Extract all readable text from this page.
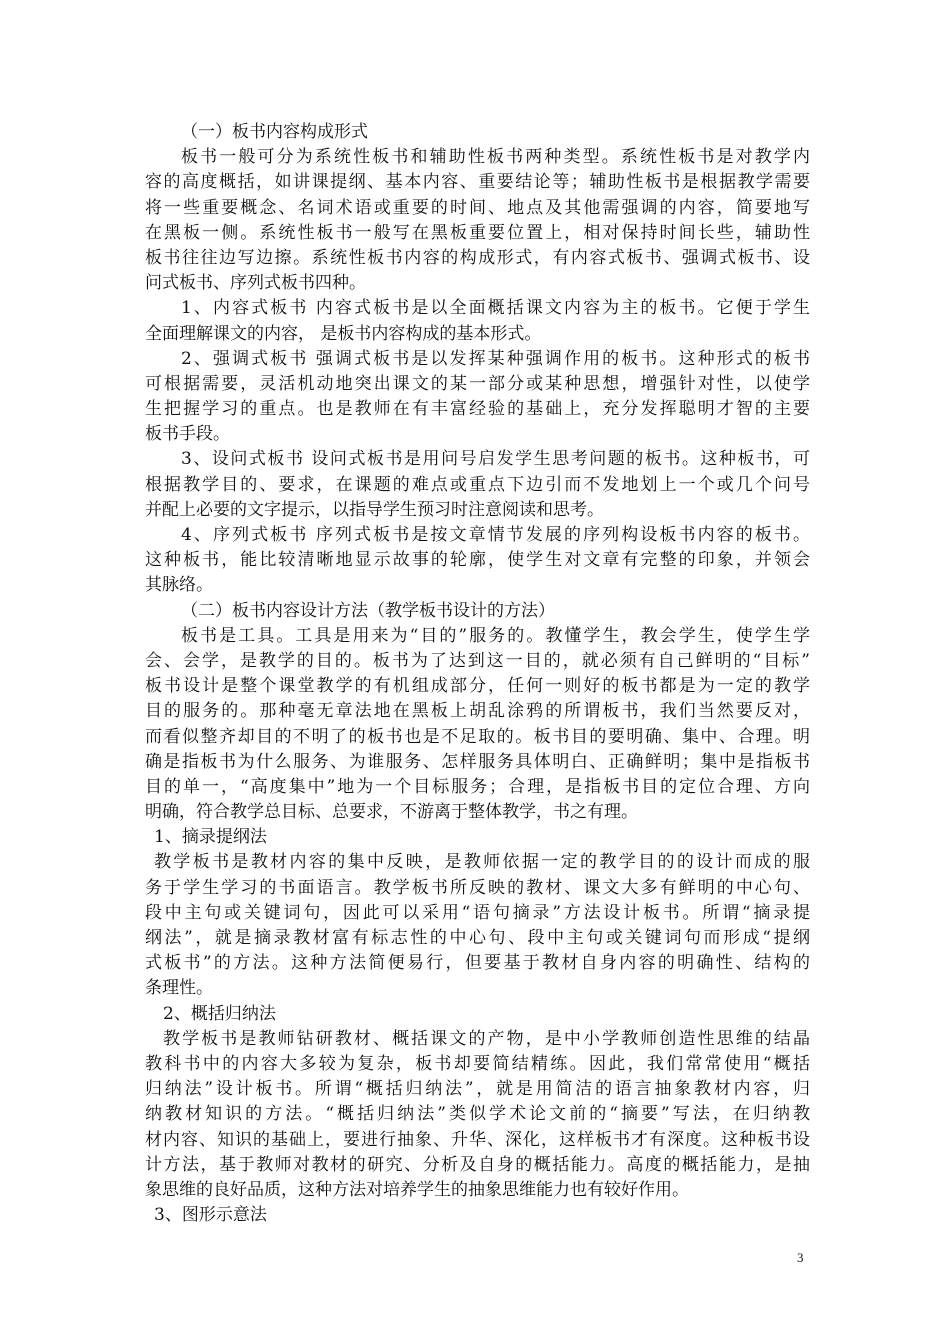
（一）板书内容构成形式
板书一般可分为系统性板书和辅助性板书两种类型。系统性板书是对教学内
容的高度概括，如讲课提纲、基本内容、重要结论等；辅助性板书是根据教学需要
将一些重要概念、名词术语或重要的时间、地点及其他需强调的内容，简要地写
在黑板一侧。系统性板书一般写在黑板重要位置上，相对保持时间长些，辅助性
板书往往边写边擦。系统性板书内容的构成形式，有内容式板书、强调式板书、设
问式板书、序列式板书四种。
1、内容式板书 内容式板书是以全面概括课文内容为主的板书。它便于学生
全面理解课文的内容， 是板书内容构成的基本形式。
2、强调式板书 强调式板书是以发挥某种强调作用的板书。这种形式的板书
可根据需要，灵活机动地突出课文的某一部分或某种思想，增强针对性，以使学
生把握学习的重点。也是教师在有丰富经验的基础上，充分发挥聪明才智的主要
板书手段。
3、设问式板书 设问式板书是用问号启发学生思考问题的板书。这种板书，可
根据教学目的、要求，在课题的难点或重点下边引而不发地划上一个或几个问号
并配上必要的文字提示，以指导学生预习时注意阅读和思考。
4、序列式板书 序列式板书是按文章情节发展的序列构设板书内容的板书。
这种板书，能比较清晰地显示故事的轮廓，使学生对文章有完整的印象，并领会
其脉络。
（二）板书内容设计方法（教学板书设计的方法）
板书是工具。工具是用来为“目的”服务的。教懂学生，教会学生，使学生学
会、会学，是教学的目的。板书为了达到这一目的，就必须有自己鲜明的“目标”
板书设计是整个课堂教学的有机组成部分，任何一则好的板书都是为一定的教学
目的服务的。那种毫无章法地在黑板上胡乱涂鸦的所谓板书，我们当然要反对，
而看似整齐却目的不明了的板书也是不足取的。板书目的要明确、集中、合理。明
确是指板书为什么服务、为谁服务、怎样服务具体明白、正确鲜明；集中是指板书
目的单一，“高度集中”地为一个目标服务；合理，是指板书目的定位合理、方向
明确，符合教学总目标、总要求，不游离于整体教学，书之有理。
1、摘录提纲法
教学板书是教材内容的集中反映，是教师依据一定的教学目的的设计而成的服
务于学生学习的书面语言。教学板书所反映的教材、课文大多有鲜明的中心句、
段中主句或关键词句，因此可以采用“语句摘录”方法设计板书。所谓“摘录提
纲法”，就是摘录教材富有标志性的中心句、段中主句或关键词句而形成“提纲
式板书”的方法。这种方法简便易行，但要基于教材自身内容的明确性、结构的
条理性。
2、概括归纳法
教学板书是教师钻研教材、概括课文的产物，是中小学教师创造性思维的结晶
教科书中的内容大多较为复杂，板书却要简结精练。因此，我们常常使用“概括
归纳法”设计板书。所谓“概括归纳法”，就是用简洁的语言抽象教材内容，归
纳教材知识的方法。“概括归纳法”类似学术论文前的“摘要”写法，在归纳教
材内容、知识的基础上，要进行抽象、升华、深化，这样板书才有深度。这种板书设
计方法，基于教师对教材的研究、分析及自身的概括能力。高度的概括能力，是抽
象思维的良好品质，这种方法对培养学生的抽象思维能力也有较好作用。
3、图形示意法
3
